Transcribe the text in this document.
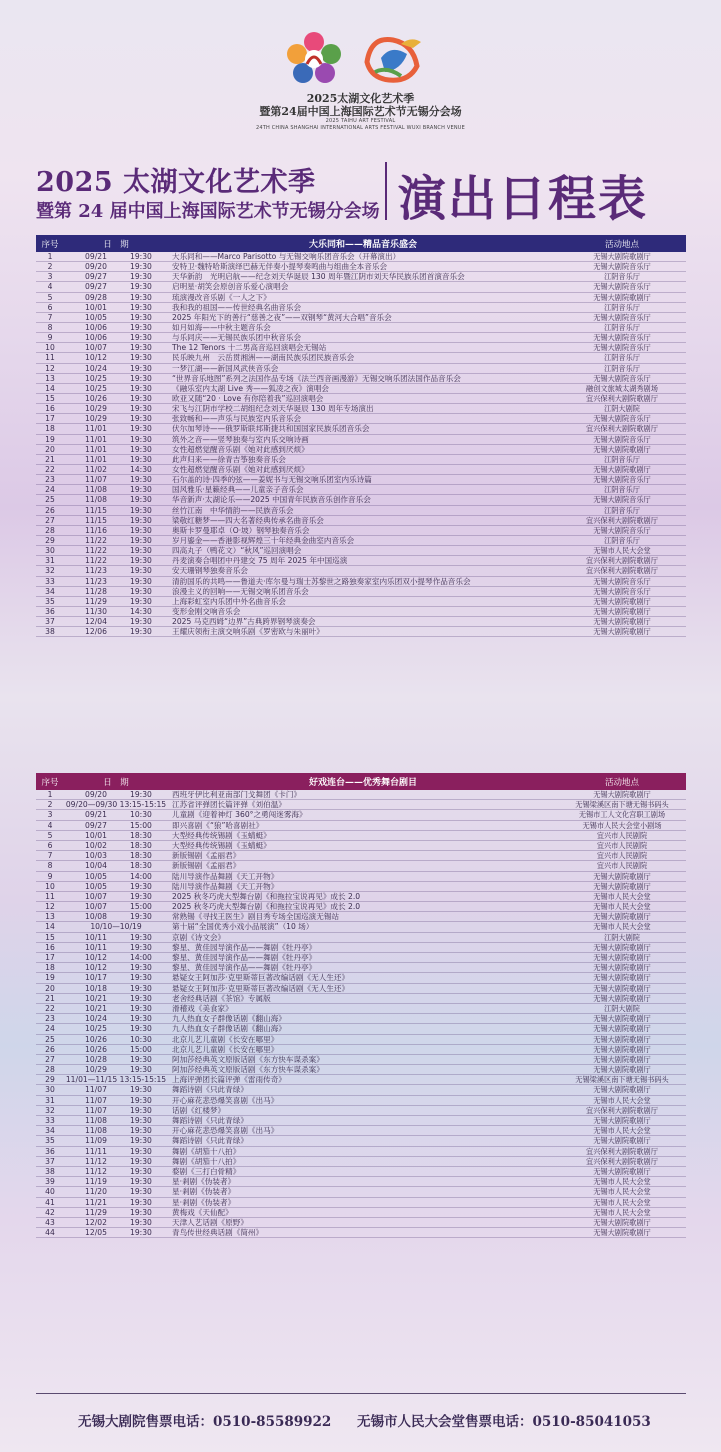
2025太湖文化艺术季
暨第24届中国上海国际艺术节无锡分会场
2025 TAIHU ART FESTIVAL
24TH CHINA SHANGHAI INTERNATIONAL ARTS FESTIVAL WUXI BRANCH VENUE
2025 太湖文化艺术季
暨第 24 届中国上海国际艺术节无锡分会场 演出日程表
序号	日　期	大乐同和——精品音乐盛会	活动地点
1	09/21	19:30	大乐同和——Marco Parisotto 与无锡交响乐团音乐会（开幕演出）	无锡大剧院歌剧厅
2	09/20	19:30	安特卫·魏特哈斯演绎巴赫无伴奏小提琴奏鸣曲与组曲全本音乐会	无锡大剧院音乐厅
3	09/27	19:30	天华新韵　光明启航——纪念刘天华诞辰 130 周年暨江阴市刘天华民族乐团首演音乐会	江阴音乐厅
4	09/27	19:30	启明星·胡笑会原创音乐爱心演唱会	无锡大剧院音乐厅
5	09/28	19:30	琉演漫改音乐剧《一人之下》	无锡大剧院歌剧厅
6	10/01	19:30	我和我的祖国——传世经典名曲音乐会	江阴音乐厅
7	10/05	19:30	2025 年阳光下的善行“慈善之夜”——双钢琴“黄河大合唱”音乐会	无锡大剧院音乐厅
8	10/06	19:30	如月如海——中秋主题音乐会	江阴音乐厅
9	10/06	19:30	与乐同庆——无锡民族乐团中秋音乐会	无锡大剧院音乐厅
10	10/07	19:30	The 12 Tenors 十二男高音巡回演唱会无锡站	无锡大剧院音乐厅
11	10/12	19:30	民乐映九州　云岳贯湘洲——湖南民族乐团民族音乐会	江阴音乐厅
12	10/24	19:30	一梦江湖——新国风武侠音乐会	江阴音乐厅
13	10/25	19:30	“世界音乐地图”系列之法国作品专场《法兰西音画漫游》无锡交响乐团法国作品音乐会	无锡大剧院音乐厅
14	10/25	19:30	《融乐室内太湖 Live 秀——狐凌之夜》演唱会	融创文旅城太湖秀剧场
15	10/26	19:30	欧亚又随“20 · Love 有你陪着我”巡回演唱会	宜兴保利大剧院歌剧厅
16	10/29	19:30	宋飞与江阴市学校二胡组纪念刘天华诞辰 130 周年专场演出	江阴大剧院
17	10/29	19:30	张致畅和——声乐与民族室内乐音乐会	无锡大剧院音乐厅
18	11/01	19:30	伏尔加琴诗——俄罗斯联邦斯捷共和国国家民族乐团音乐会	宜兴保利大剧院歌剧厅
19	11/01	19:30	筑外之音——竖琴独奏与室内乐交响诗画	无锡大剧院音乐厅
20	11/01	19:30	女性超燃觉醒音乐剧《她对此感到厌烦》	无锡大剧院歌剧厅
21	11/01	19:30	此声归来——徐青吉筝独奏音乐会	江阴音乐厅
22	11/02	14:30	女性超燃觉醒音乐剧《她对此感到厌烦》	无锡大剧院歌剧厅
23	11/07	19:30	石尔盖的诗·四季的弦——姜妮书与无锡交响乐团室内乐诗篇	无锡大剧院音乐厅
24	11/08	19:30	国风雅乐·星籁经典——儿童亲子音乐会	江阴音乐厅
25	11/08	19:30	华音新声·太湖论乐——2025 中国青年民族音乐创作音乐会	无锡大剧院音乐厅
26	11/15	19:30	丝竹江南　中华情韵——民族音乐会	江阴音乐厅
27	11/15	19:30	梁敬红糖梦——四大名著经典传承名曲音乐会	宜兴保利大剧院歌剧厅
28	11/16	19:30	奥斯卡罗曼耶卓（O·坡）钢琴独奏音乐会	无锡大剧院音乐厅
29	11/22	19:30	岁月鎏金——香港影视辉煌三十年经典金曲室内音乐会	江阴音乐厅
30	11/22	19:30	四高丸子（鸭花文）“秋风”巡回演唱会	无锡市人民大会堂
31	11/22	19:30	丹麦演奏合唱团中丹建交 75 周年 2025 年中国巡演	宜兴保利大剧院歌剧厅
32	11/23	19:30	安天珊钢琴独奏音乐会	宜兴保利大剧院歌剧厅
33	11/23	19:30	清韵国乐的共鸣——鲁道夫·库尔曼与瑞士苏黎世之路独奏家室内乐团双小提琴作品音乐会	无锡大剧院音乐厅
34	11/28	19:30	浪漫主义的回响——无锡交响乐团音乐会	无锡大剧院音乐厅
35	11/29	19:30	上海彩虹室内乐团中外名曲音乐会	无锡大剧院歌剧厅
36	11/30	14:30	变形金刚交响音乐会	无锡大剧院歌剧厅
37	12/04	19:30	2025 马克西姆“边界”古典跨界钢琴演奏会	无锡大剧院歌剧厅
38	12/06	19:30	王耀庆领衔主演交响乐剧《罗密欧与朱丽叶》	无锡大剧院歌剧厅
序号	日　期	好戏连台——优秀舞台剧目	活动地点
1	09/20	19:30	西班牙伊比利亚南部门戈舞团《卡门》	无锡大剧院歌剧厅
2	09/20—09/30 13:15-15:15 江苏省评弹团长篇评弹《刘伯温》	无锡梁溪区南下塘无锡书码头
3	09/21	10:30	儿童剧《迎着神灯 360°之勇闯迷雾海》	无锡市工人文化宫职工剧场
4	09/27	15:00	即兴喜剧《“狼”哈喜剧社》	无锡市人民大会堂小剧场
5	10/01	18:30	大型经典传统锡剧《玉蜻蜓》	宜兴市人民剧院
6	10/02	18:30	大型经典传统锡剧《玉蜻蜓》	宜兴市人民剧院
7	10/03	18:30	新版锡剧《孟丽君》	宜兴市人民剧院
8	10/04	18:30	新版锡剧《孟丽君》	宜兴市人民剧院
9	10/05	14:00	陆川导演作品舞剧《天工开物》	无锡大剧院歌剧厅
10	10/05	19:30	陆川导演作品舞剧《天工开物》	无锡大剧院歌剧厅
11	10/07	19:30	2025 秋冬巧虎大型舞台剧《和拖拉宝说再见》成长 2.0	无锡市人民大会堂
12	10/07	15:00	2025 秋冬巧虎大型舞台剧《和拖拉宝说再见》成长 2.0	无锡市人民大会堂
13	10/08	19:30	常熟锡《寻找王医生》剧目秀专场全国巡演无锡站	无锡大剧院歌剧厅
14	10/10—10/19	第十届“全国优秀小戏小品展演”（10 场）	无锡市人民大会堂
15	10/11	19:30	京剧《诗文会》	江阴大剧院
16	10/11	19:30	黎星、黄佳园导演作品——舞剧《牡丹亭》	无锡大剧院歌剧厅
17	10/12	14:00	黎星、黄佳园导演作品——舞剧《牡丹亭》	无锡大剧院歌剧厅
18	10/12	19:30	黎星、黄佳园导演作品——舞剧《牡丹亭》	无锡大剧院歌剧厅
19	10/17	19:30	悬疑女王阿加莎·克里斯蒂巨著改编话剧《无人生还》	无锡大剧院歌剧厅
20	10/18	19:30	悬疑女王阿加莎·克里斯蒂巨著改编话剧《无人生还》	无锡大剧院歌剧厅
21	10/21	19:30	老舍经典话剧《茶馆》专属版	无锡大剧院歌剧厅
22	10/21	19:30	滑稽戏《美食家》	江阴大剧院
23	10/24	19:30	九人热血女子群像话剧《翻山海》	无锡大剧院歌剧厅
24	10/25	19:30	九人热血女子群像话剧《翻山海》	无锡大剧院歌剧厅
25	10/26	10:30	北京儿艺儿童剧《长安在哪里》	无锡大剧院歌剧厅
26	10/26	15:00	北京儿艺儿童剧《长安在哪里》	无锡大剧院歌剧厅
27	10/28	19:30	阿加莎经典英文原版话剧《东方快车谋杀案》	无锡大剧院歌剧厅
28	10/29	19:30	阿加莎经典英文原版话剧《东方快车谋杀案》	无锡大剧院歌剧厅
29	11/01—11/15 13:15-15:15 上海评弹团长篇评弹《雷雨传奇》	无锡梁溪区南下塘无锡书码头
30	11/07	19:30	舞蹈诗剧《只此青绿》	无锡大剧院歌剧厅
31	11/07	19:30	开心麻花悲恐爆笑喜剧《出马》	无锡市人民大会堂
32	11/07	19:30	话剧《红楼梦》	宜兴保利大剧院歌剧厅
33	11/08	19:30	舞蹈诗剧《只此青绿》	无锡大剧院歌剧厅
34	11/08	19:30	开心麻花悲恐爆笑喜剧《出马》	无锡市人民大会堂
35	11/09	19:30	舞蹈诗剧《只此青绿》	无锡大剧院歌剧厅
36	11/11	19:30	舞剧《胡笳十八拍》	宜兴保利大剧院歌剧厅
37	11/12	19:30	舞剧《胡笳十八拍》	宜兴保利大剧院歌剧厅
38	11/12	19:30	婺剧《三打白骨精》	无锡大剧院歌剧厅
39	11/19	19:30	星·剎剧《伪装者》	无锡市人民大会堂
40	11/20	19:30	星·剎剧《伪装者》	无锡市人民大会堂
41	11/21	19:30	星·剎剧《伪装者》	无锡市人民大会堂
42	11/29	19:30	黄梅戏《天仙配》	无锡市人民大会堂
43	12/02	19:30	天津人艺话剧《原野》	无锡大剧院歌剧厅
44	12/05	19:30	青鸟传世经典话剧《简州》	无锡大剧院歌剧厅
无锡大剧院售票电话：0510-85589922 无锡市人民大会堂售票电话：0510-85041053
